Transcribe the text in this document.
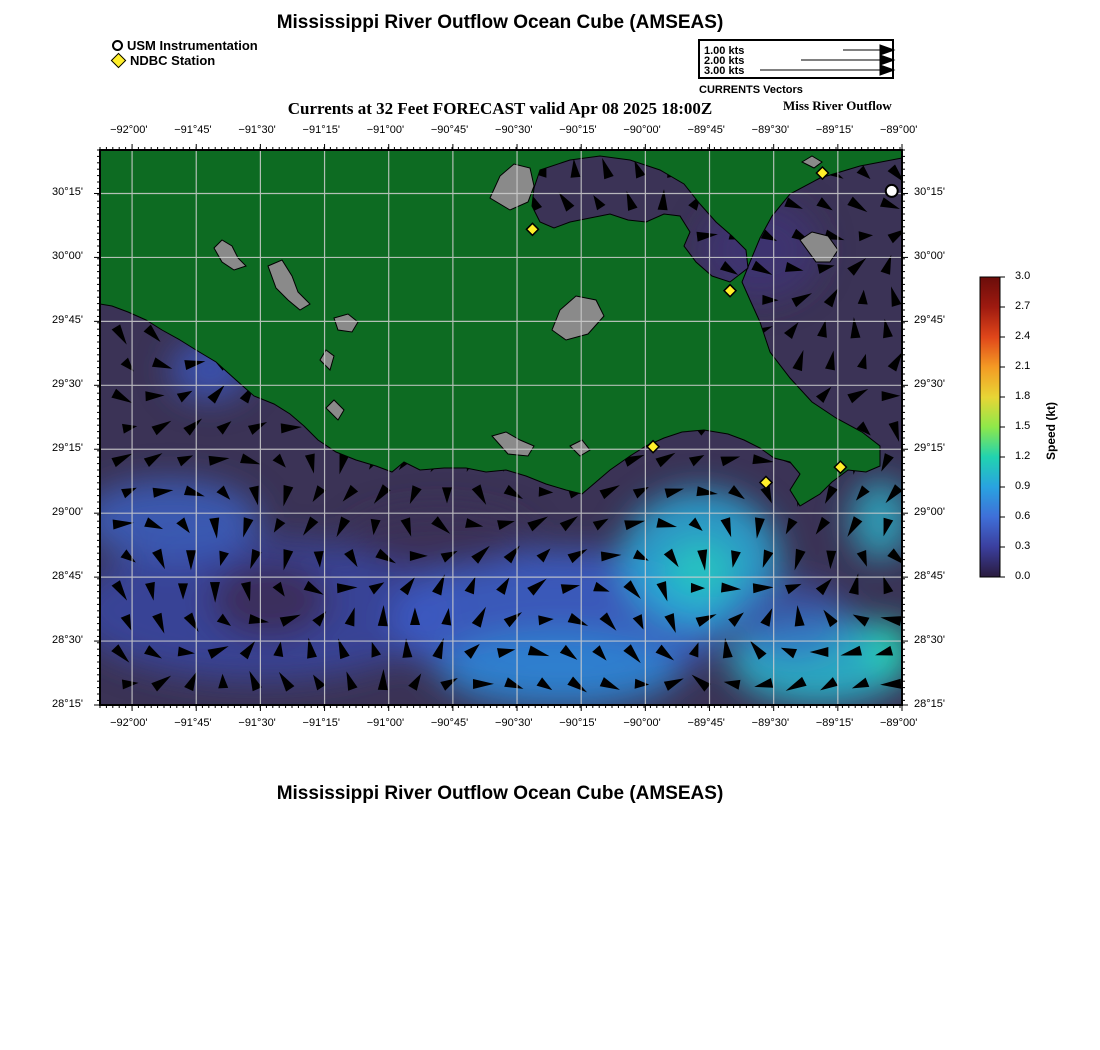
Mississippi River Outflow Ocean Cube (AMSEAS)
USM Instrumentation
NDBC Station
1.00 kts
2.00 kts
3.00 kts
CURRENTS Vectors
Currents at 32 Feet FORECAST valid Apr 08 2025 18:00Z	Miss River Outflow
−92°00' −91°45' −91°30' −91°15' −91°00' −90°45' −90°30' −90°15' −90°00' −89°45' −89°30' −89°15' −89°00'
−92°00' −91°45' −91°30' −91°15' −91°00' −90°45' −90°30' −90°15' −90°00' −89°45' −89°30' −89°15' −89°00'
30°15'
30°00'
29°45'
29°30'
29°15'
29°00'
28°45'
28°30'
28°15'
30°15'
30°00'
29°45'
29°30'
29°15'
29°00'
28°45'
28°30'
28°15'
3.0
2.7
2.4
2.1
1.8
1.5
1.2
0.9
0.6
0.3
0.0
Speed (kt)
Mississippi River Outflow Ocean Cube (AMSEAS)
